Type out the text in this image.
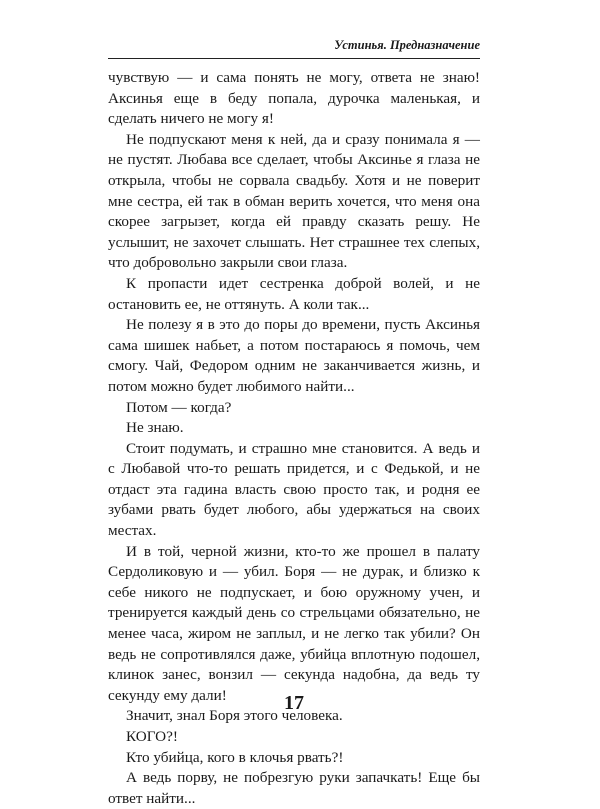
Устинья. Предназначение

чувствую — и сама понять не могу, ответа не знаю! Аксинья еще в беду попала, дурочка маленькая, и сделать ничего не могу я!

Не подпускают меня к ней, да и сразу понимала я — не пустят. Любава все сделает, чтобы Аксинье я глаза не открыла, чтобы не сорвала свадьбу. Хотя и не поверит мне сестра, ей так в обман верить хочется, что меня она скорее загрызет, когда ей правду сказать решу. Не услышит, не захочет слышать. Нет страшнее тех слепых, что добровольно закрыли свои глаза.

К пропасти идет сестренка доброй волей, и не остановить ее, не оттянуть. А коли так...

Не полезу я в это до поры до времени, пусть Аксинья сама шишек набьет, а потом постараюсь я помочь, чем смогу. Чай, Федором одним не заканчивается жизнь, и потом можно будет любимого найти...

Потом — когда?

Не знаю.

Стоит подумать, и страшно мне становится. А ведь и с Любавой что-то решать придется, и с Федькой, и не отдаст эта гадина власть свою просто так, и родня ее зубами рвать будет любого, абы удержаться на своих местах.

И в той, черной жизни, кто-то же прошел в палату Сердоликовую и — убил. Боря — не дурак, и близко к себе никого не подпускает, и бою оружному учен, и тренируется каждый день со стрельцами обязательно, не менее часа, жиром не заплыл, и не легко так убили? Он ведь не сопротивлялся даже, убийца вплотную подошел, клинок занес, вонзил — секунда надобна, да ведь ту секунду ему дали!

Значит, знал Боря этого человека.

КОГО?!

Кто убийца, кого в клочья рвать?!

А ведь порву, не побрезгую руки запачкать! Еще бы ответ найти...

17
